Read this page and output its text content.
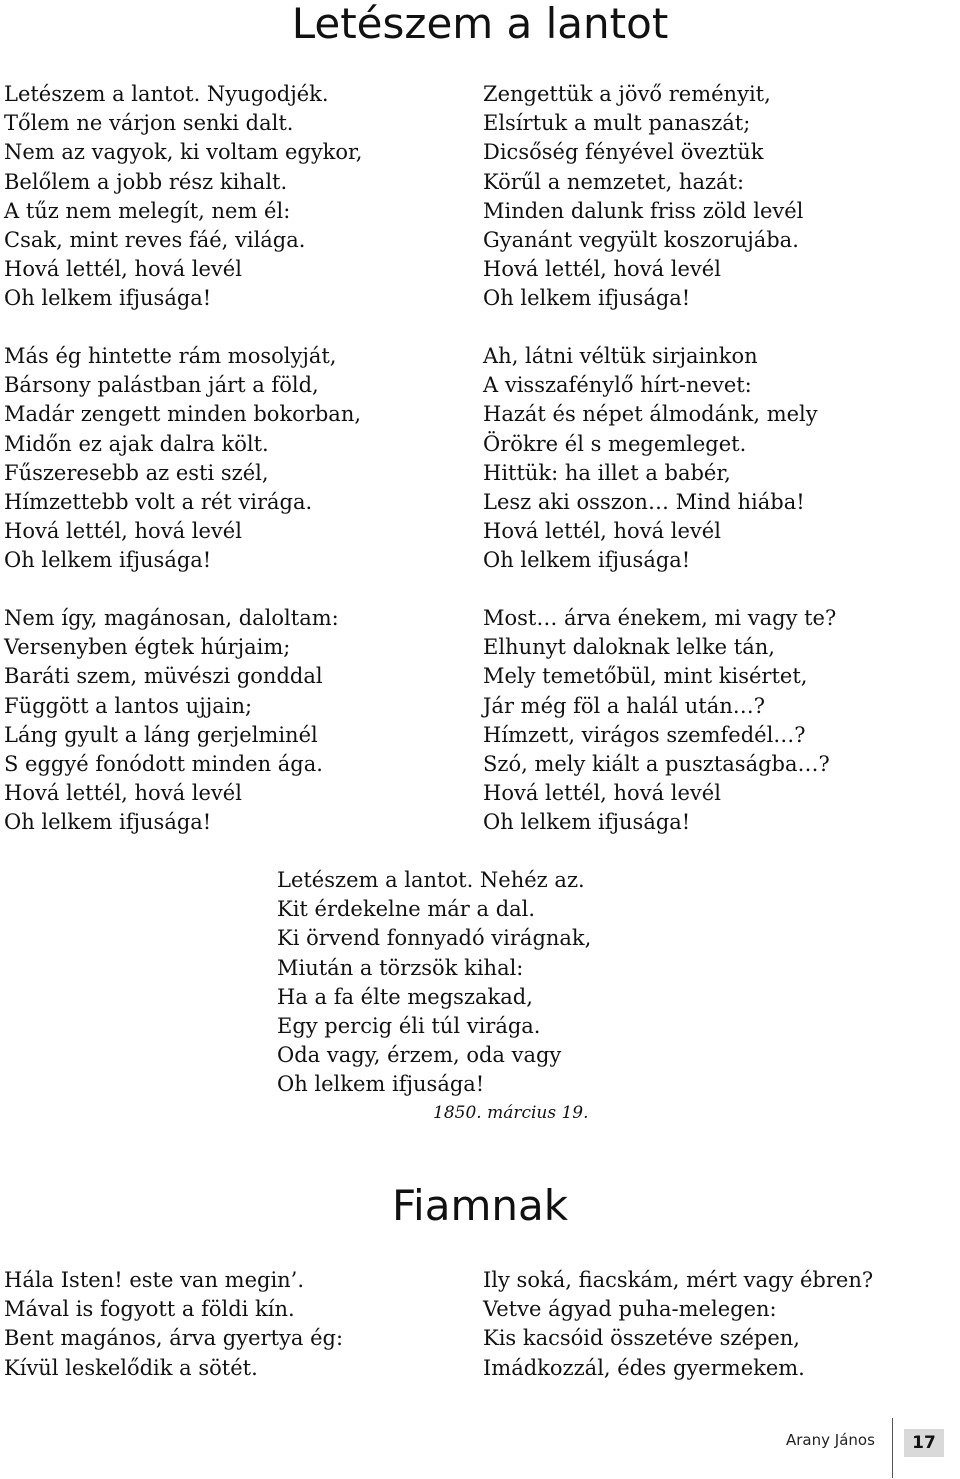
Letészem a lantot
Letészem a lantot. Nyugodjék.
Tőlem ne várjon senki dalt.
Nem az vagyok, ki voltam egykor,
Belőlem a jobb rész kihalt.
A tűz nem melegít, nem él:
Csak, mint reves fáé, világa.
Hová lettél, hová levél
Oh lelkem ifjusága!
Zengettük a jövő reményit,
Elsírtuk a mult panaszát;
Dicsőség fényével öveztük
Körűl a nemzetet, hazát:
Minden dalunk friss zöld levél
Gyanánt vegyült koszorujába.
Hová lettél, hová levél
Oh lelkem ifjusága!
Más ég hintette rám mosolyját,
Bársony palástban járt a föld,
Madár zengett minden bokorban,
Midőn ez ajak dalra költ.
Fűszeresebb az esti szél,
Hímzettebb volt a rét virága.
Hová lettél, hová levél
Oh lelkem ifjusága!
Ah, látni véltük sirjainkon
A visszafénylő hírt-nevet:
Hazát és népet álmodánk, mely
Örökre él s megemleget.
Hittük: ha illet a babér,
Lesz aki osszon… Mind hiába!
Hová lettél, hová levél
Oh lelkem ifjusága!
Nem így, magánosan, daloltam:
Versenyben égtek húrjaim;
Baráti szem, müvészi gonddal
Függött a lantos ujjain;
Láng gyult a láng gerjelminél
S eggyé fonódott minden ága.
Hová lettél, hová levél
Oh lelkem ifjusága!
Most… árva énekem, mi vagy te?
Elhunyt daloknak lelke tán,
Mely temetőbül, mint kisértet,
Jár még föl a halál után…?
Hímzett, virágos szemfedél…?
Szó, mely kiált a pusztaságba…?
Hová lettél, hová levél
Oh lelkem ifjusága!
Letészem a lantot. Nehéz az.
Kit érdekelne már a dal.
Ki örvend fonnyadó virágnak,
Miután a törzsök kihal:
Ha a fa élte megszakad,
Egy percig éli túl virága.
Oda vagy, érzem, oda vagy
Oh lelkem ifjusága!
1850. március 19.
Fiamnak
Hála Isten! este van megin’.
Mával is fogyott a földi kín.
Bent magános, árva gyertya ég:
Kívül leskelődik a sötét.
Ily soká, fiacskám, mért vagy ébren?
Vetve ágyad puha-melegen:
Kis kacsóid összetéve szépen,
Imádkozzál, édes gyermekem.
Arany János	17
